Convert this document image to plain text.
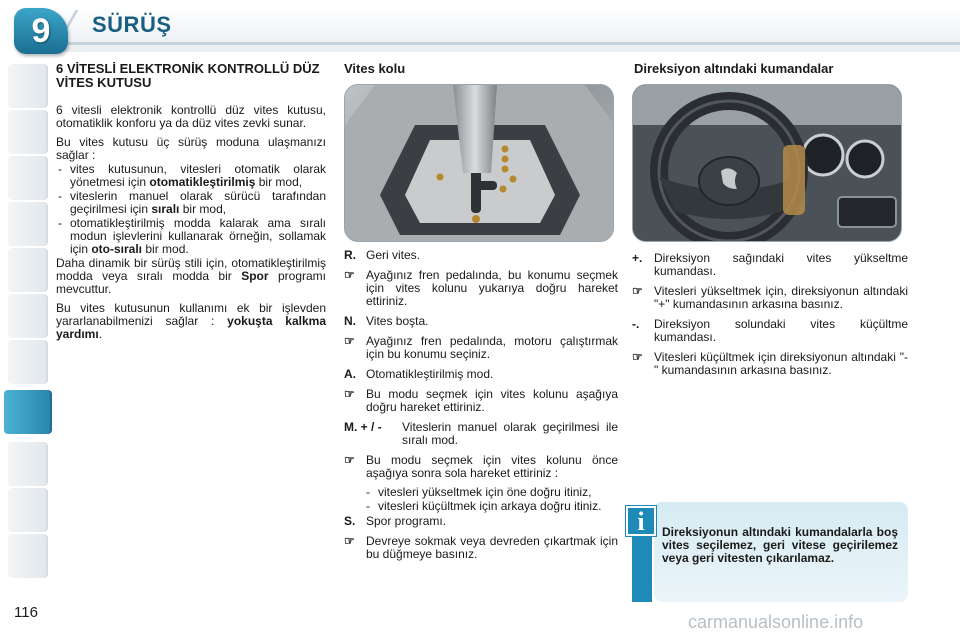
9	SÜRÜŞ
6 VİTESLİ ELEKTRONİK KONTROLLÜ DÜZ VİTES KUTUSU

6 vitesli elektronik kontrollü düz vites kutusu, otomatiklik konforu ya da düz vites zevki sunar.

Bu vites kutusu üç sürüş moduna ulaşmanızı sağlar :

- vites kutusunun, vitesleri otomatik olarak yönetmesi için otomatikleştirilmiş bir mod,
- viteslerin manuel olarak sürücü tarafından geçirilmesi için sıralı bir mod,
- otomatikleştirilmiş modda kalarak ama sıralı modun işlevlerini kullanarak örneğin, sollamak için oto-sıralı bir mod.

Daha dinamik bir sürüş stili için, otomatikleştirilmiş modda veya sıralı modda bir Spor programı mevcuttur.

Bu vites kutusunun kullanımı ek bir işlevden yararlanabilmenizi sağlar : yokuşta kalkma yardımı.

Vites kolu
R. Geri vites.
☞ Ayağınız fren pedalında, bu konumu seçmek için vites kolunu yukarıya doğru hareket ettiriniz.
N. Vites boşta.
☞ Ayağınız fren pedalında, motoru çalıştırmak için bu konumu seçiniz.
A. Otomatikleştirilmiş mod.
☞ Bu modu seçmek için vites kolunu aşağıya doğru hareket ettiriniz.
M. + / -	Viteslerin manuel olarak geçirilmesi ile sıralı mod.
☞ Bu modu seçmek için vites kolunu önce aşağıya sonra sola hareket ettiriniz :
- vitesleri yükseltmek için öne doğru itiniz,
- vitesleri küçültmek için arkaya doğru itiniz.
S. Spor programı.
☞ Devreye sokmak veya devreden çıkartmak için bu düğmeye basınız.
Direksiyon altındaki kumandalar
+. Direksiyon sağındaki vites yükseltme kumandası.
☞ Vitesleri yükseltmek için, direksiyonun altındaki "+" kumandasının arkasına basınız.
-.	Direksiyon solundaki vites küçültme kumandası.
☞ Vitesleri küçültmek için direksiyonun altındaki "-" kumandasının arkasına basınız.
i	Direksiyonun altındaki kumandalarla boş vites seçilemez, geri vitese geçirilemez veya geri vitesten çıkarılamaz.
116	carmanualsonline.info
